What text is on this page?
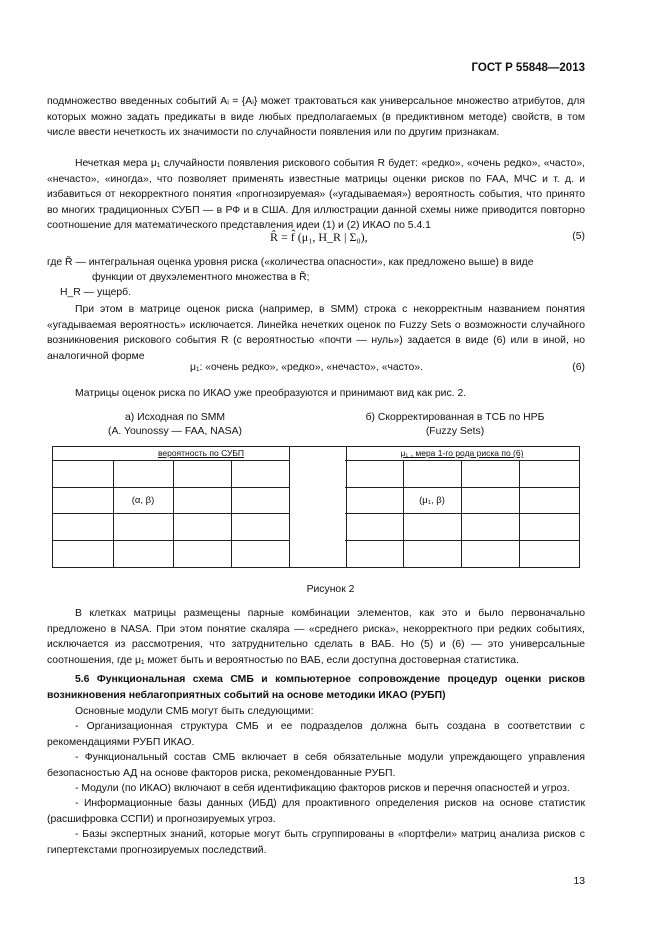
ГОСТ Р 55848—2013

подмножество введенных событий Aᵢ = {Aᵢ} может трактоваться как универсальное множество атрибутов, для которых можно задать предикаты в виде любых предполагаемых (в предиктивном методе) свойств, в том числе ввести нечеткость их значимости по случайности появления или по другим признакам.

Нечеткая мера μ₁ случайности появления рискового события R будет: «редко», «очень редко», «часто», «нечасто», «иногда», что позволяет применять известные матрицы оценки рисков по FAA, МЧС и т. д. и избавиться от некорректного понятия «прогнозируемая» («угадываемая») вероятность события, что принято во многих традиционных СУБП — в РФ и в США. Для иллюстрации данной схемы ниже приводится повторно соотношение для математического представления идеи (1) и (2) ИКАО по 5.4.1

R̂ = f̂ (μ₁, H_R | Σ₀),	(5)

где R̃ — интегральная оценка уровня риска («количества опасности», как предложено выше) в виде

функции от двухэлементного множества в R̃;

H_R — ущерб.

При этом в матрице оценок риска (например, в SMM) строка с некорректным названием понятия «угадываемая вероятность» исключается. Линейка нечетких оценок по Fuzzy Sets о возможности случайного возникновения рискового события R (с вероятностью «почти — нуль») задается в виде (6) или в иной, но аналогичной форме

μ₁: «очень редко», «редко», «нечасто», «часто».	(6)

Матрицы оценок риска по ИКАО уже преобразуются и принимают вид как рис. 2.

а) Исходная по SMM
(A. Younossy — FAA, NASA)
б) Скорректированная в ТСБ по НРБ
(Fuzzy Sets)
вероятность по СУБП
(α, β)
μ₁ , мера 1-го рода риска по (6)
(μ₁, β)
Рисунок 2

В клетках матрицы размещены парные комбинации элементов, как это и было первоначально предложено в NASA. При этом понятие скаляра — «среднего риска», некорректного при редких событиях, исключается из рассмотрения, что затруднительно сделать в ВАБ. Но (5) и (6) — это универсальные соотношения, где μ₁ может быть и вероятностью по ВАБ, если доступна достоверная статистика.

5.6 Функциональная схема СМБ и компьютерное сопровождение процедур оценки рисков возникновения неблагоприятных событий на основе методики ИКАО (РУБП)

Основные модули СМБ могут быть следующими:

- Организационная структура СМБ и ее подразделов должна быть создана в соответствии с рекомендациями РУБП ИКАО.

- Функциональный состав СМБ включает в себя обязательные модули упреждающего управления безопасностью АД на основе факторов риска, рекомендованные РУБП.

- Модули (по ИКАО) включают в себя идентификацию факторов рисков и перечня опасностей и угроз.

- Информационные базы данных (ИБД) для проактивного определения рисков на основе статистик (расшифровка ССПИ) и прогнозируемых угроз.

- Базы экспертных знаний, которые могут быть сгруппированы в «портфели» матриц анализа рисков с гипертекстами прогнозируемых последствий.

13
